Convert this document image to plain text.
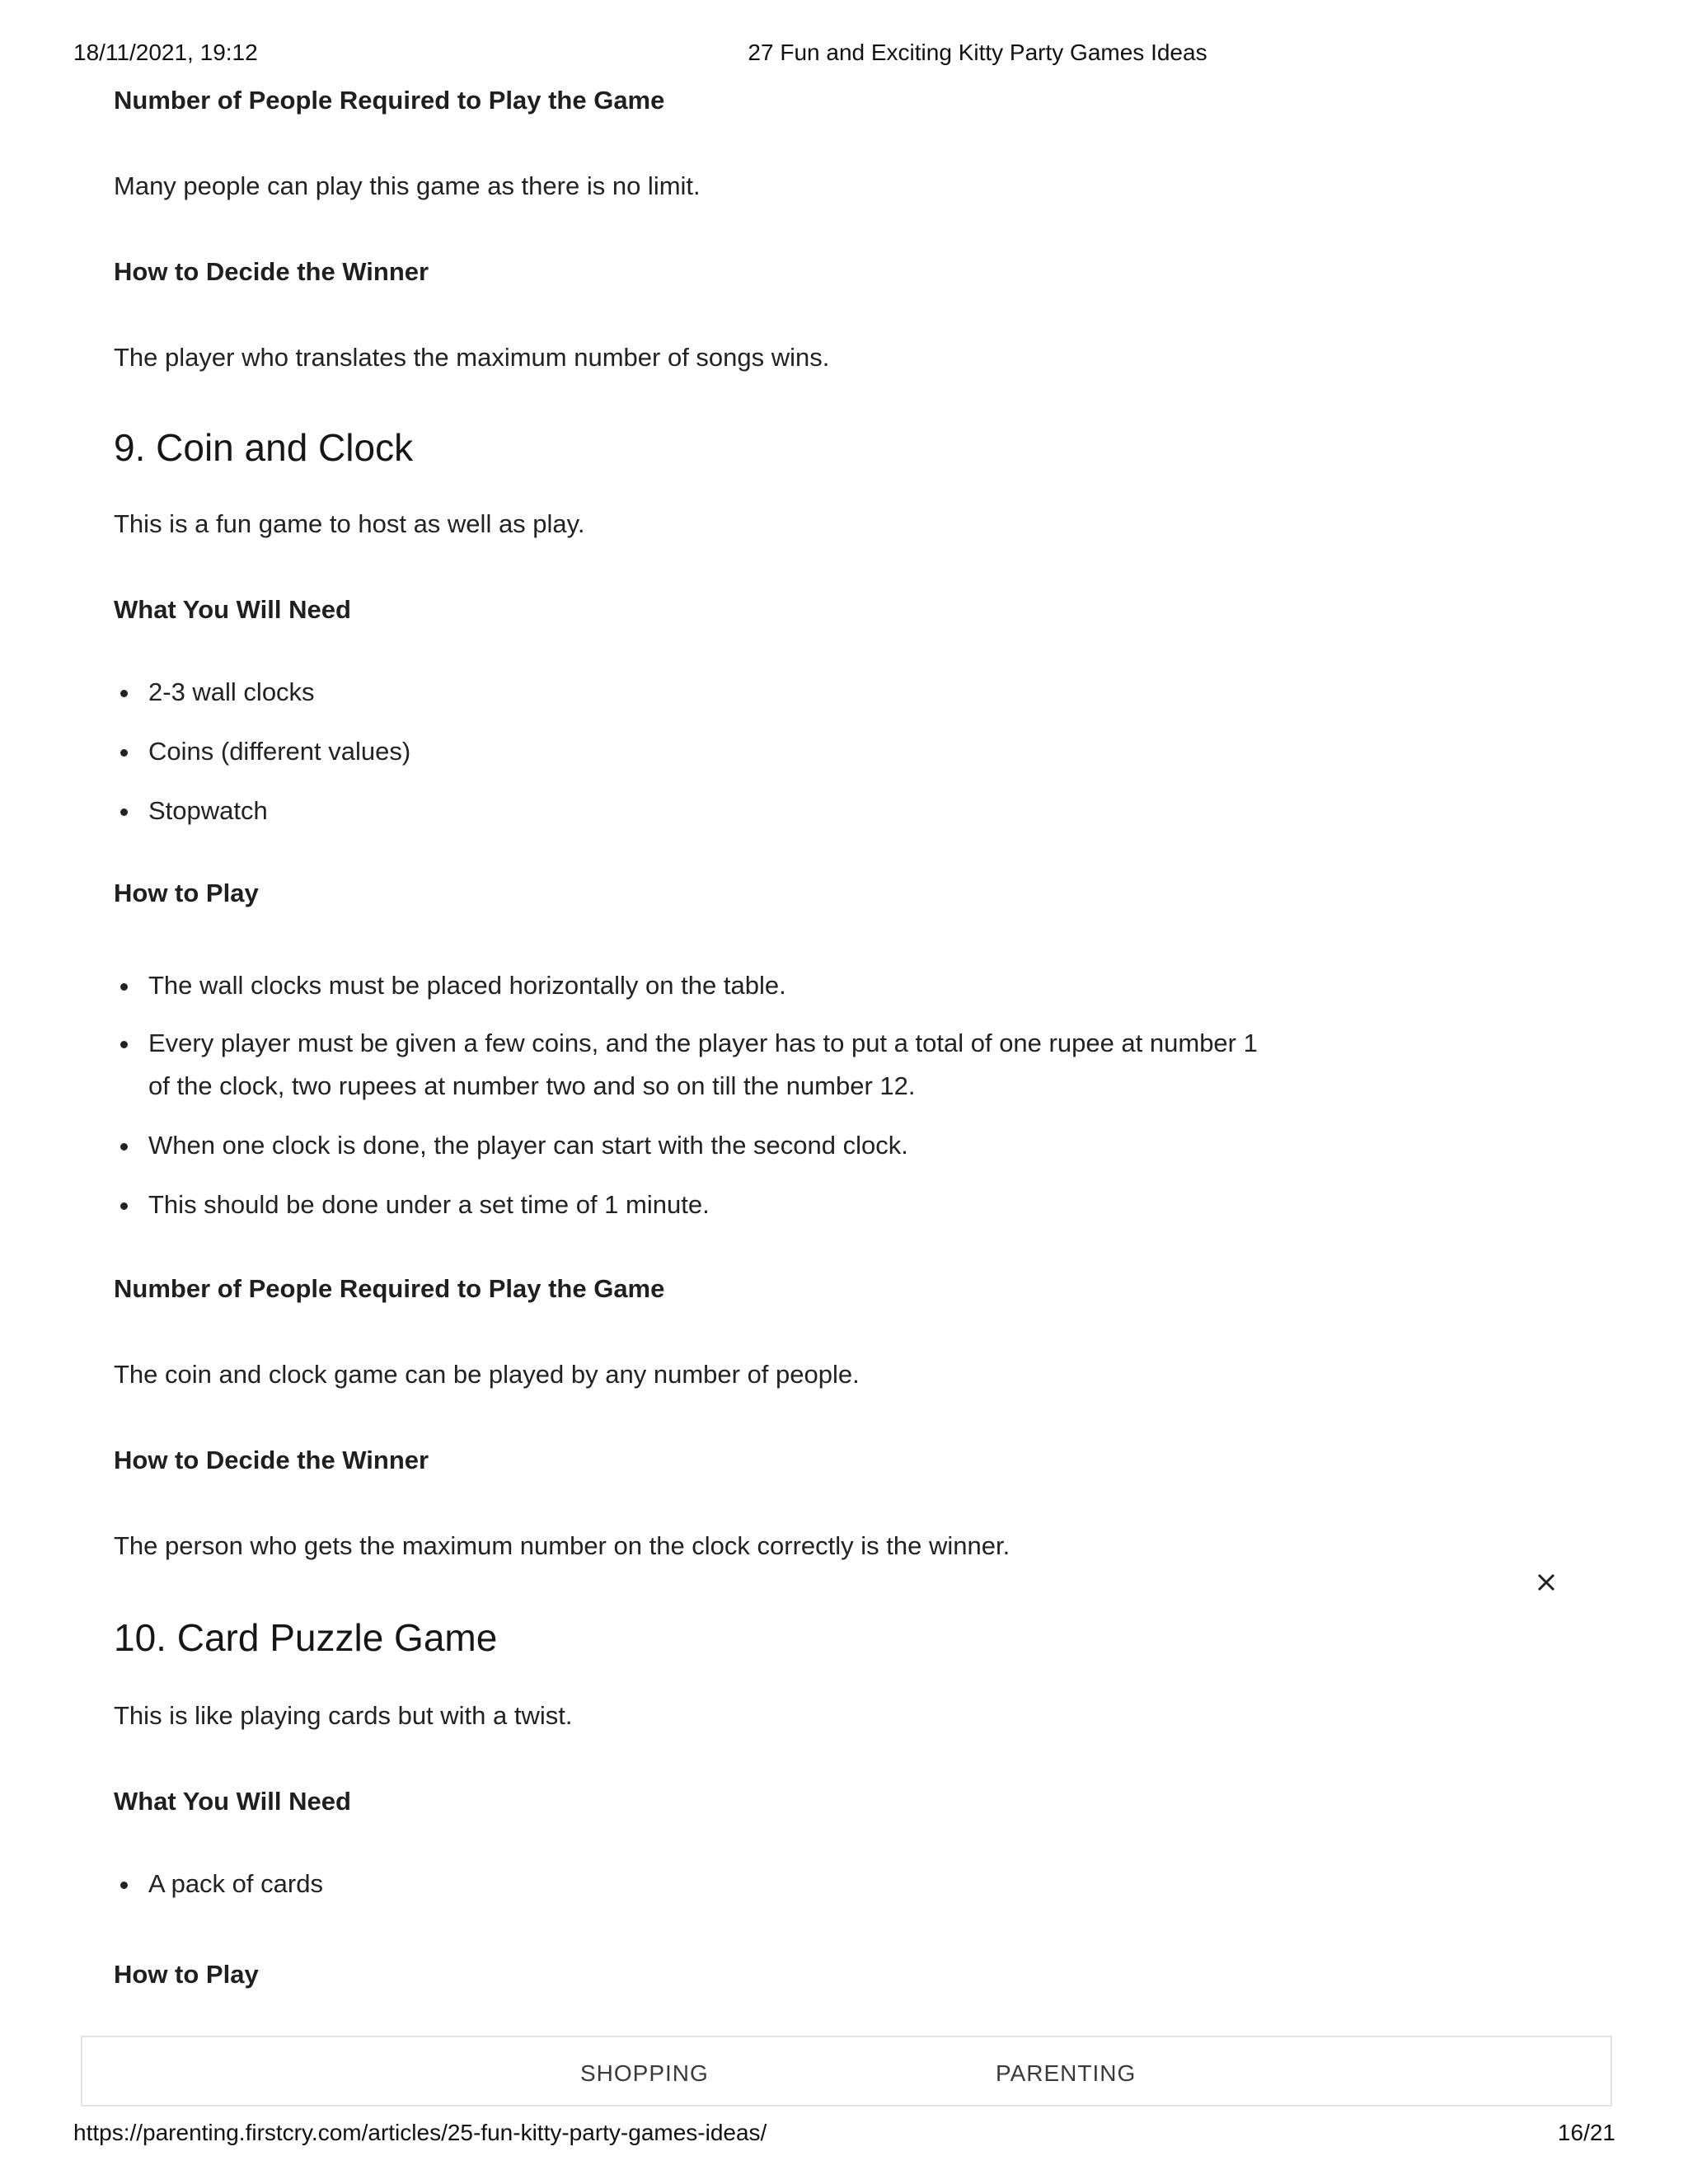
18/11/2021, 19:12	27 Fun and Exciting Kitty Party Games Ideas
Number of People Required to Play the Game
Many people can play this game as there is no limit.
How to Decide the Winner
The player who translates the maximum number of songs wins.
9. Coin and Clock
This is a fun game to host as well as play.
What You Will Need
2-3 wall clocks
Coins (different values)
Stopwatch
How to Play
The wall clocks must be placed horizontally on the table.
Every player must be given a few coins, and the player has to put a total of one rupee at number 1 of the clock, two rupees at number two and so on till the number 12.
When one clock is done, the player can start with the second clock.
This should be done under a set time of 1 minute.
Number of People Required to Play the Game
The coin and clock game can be played by any number of people.
How to Decide the Winner
The person who gets the maximum number on the clock correctly is the winner.
10. Card Puzzle Game
This is like playing cards but with a twist.
What You Will Need
A pack of cards
How to Play
SHOPPING	PARENTING
https://parenting.firstcry.com/articles/25-fun-kitty-party-games-ideas/	16/21
